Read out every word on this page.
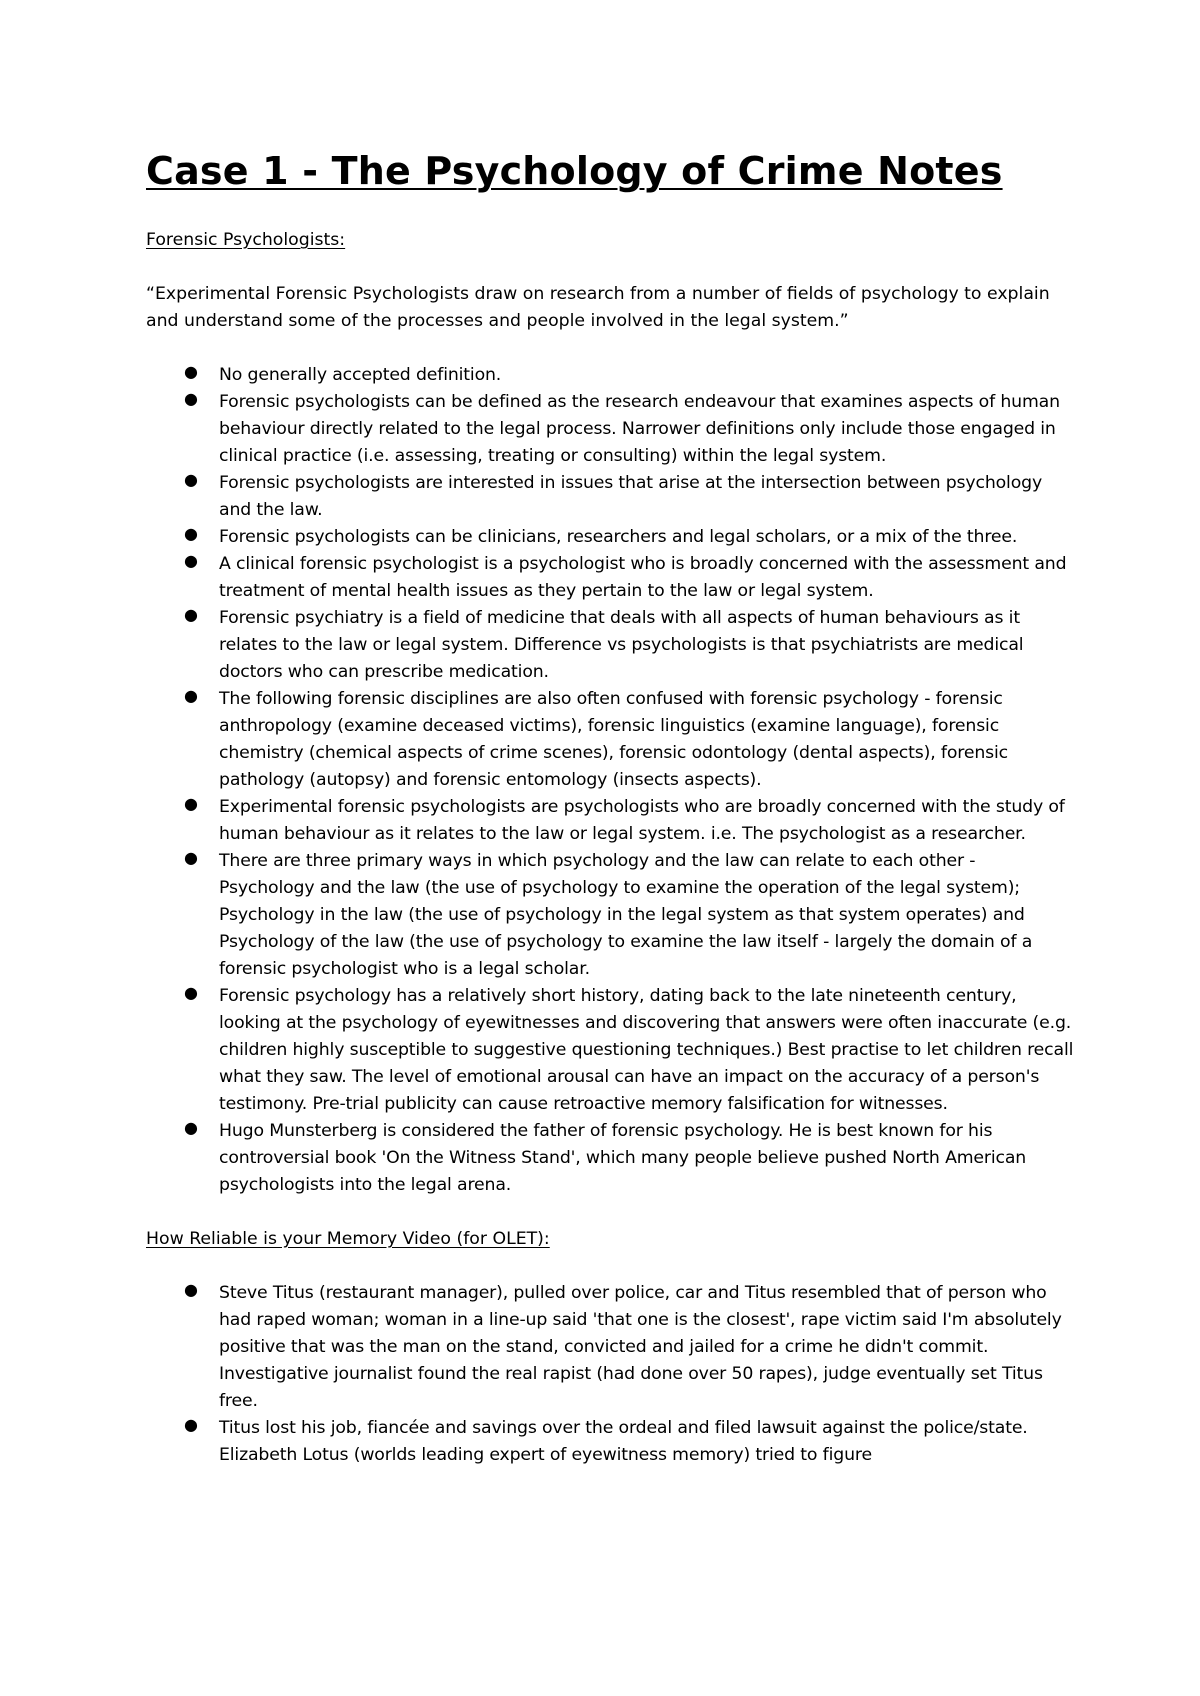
Case 1 - The Psychology of Crime Notes

Forensic Psychologists:

“Experimental Forensic Psychologists draw on research from a number of fields of psychology to explain and understand some of the processes and people involved in the legal system.”

● No generally accepted definition.
● Forensic psychologists can be defined as the research endeavour that examines aspects of human behaviour directly related to the legal process. Narrower definitions only include those engaged in clinical practice (i.e. assessing, treating or consulting) within the legal system.
● Forensic psychologists are interested in issues that arise at the intersection between psychology and the law.
● Forensic psychologists can be clinicians, researchers and legal scholars, or a mix of the three.
● A clinical forensic psychologist is a psychologist who is broadly concerned with the assessment and treatment of mental health issues as they pertain to the law or legal system.
● Forensic psychiatry is a field of medicine that deals with all aspects of human behaviours as it relates to the law or legal system. Difference vs psychologists is that psychiatrists are medical doctors who can prescribe medication.
● The following forensic disciplines are also often confused with forensic psychology - forensic anthropology (examine deceased victims), forensic linguistics (examine language), forensic chemistry (chemical aspects of crime scenes), forensic odontology (dental aspects), forensic pathology (autopsy) and forensic entomology (insects aspects).
● Experimental forensic psychologists are psychologists who are broadly concerned with the study of human behaviour as it relates to the law or legal system. i.e. The psychologist as a researcher.
● There are three primary ways in which psychology and the law can relate to each other - Psychology and the law (the use of psychology to examine the operation of the legal system); Psychology in the law (the use of psychology in the legal system as that system operates) and Psychology of the law (the use of psychology to examine the law itself - largely the domain of a forensic psychologist who is a legal scholar.
● Forensic psychology has a relatively short history, dating back to the late nineteenth century, looking at the psychology of eyewitnesses and discovering that answers were often inaccurate (e.g. children highly susceptible to suggestive questioning techniques.) Best practise to let children recall what they saw. The level of emotional arousal can have an impact on the accuracy of a person's testimony. Pre-trial publicity can cause retroactive memory falsification for witnesses.
● Hugo Munsterberg is considered the father of forensic psychology. He is best known for his controversial book 'On the Witness Stand', which many people believe pushed North American psychologists into the legal arena.

How Reliable is your Memory Video (for OLET):

● Steve Titus (restaurant manager), pulled over police, car and Titus resembled that of person who had raped woman; woman in a line-up said 'that one is the closest', rape victim said I'm absolutely positive that was the man on the stand, convicted and jailed for a crime he didn't commit. Investigative journalist found the real rapist (had done over 50 rapes), judge eventually set Titus free.
● Titus lost his job, fiancée and savings over the ordeal and filed lawsuit against the police/state. Elizabeth Lotus (worlds leading expert of eyewitness memory) tried to figure
